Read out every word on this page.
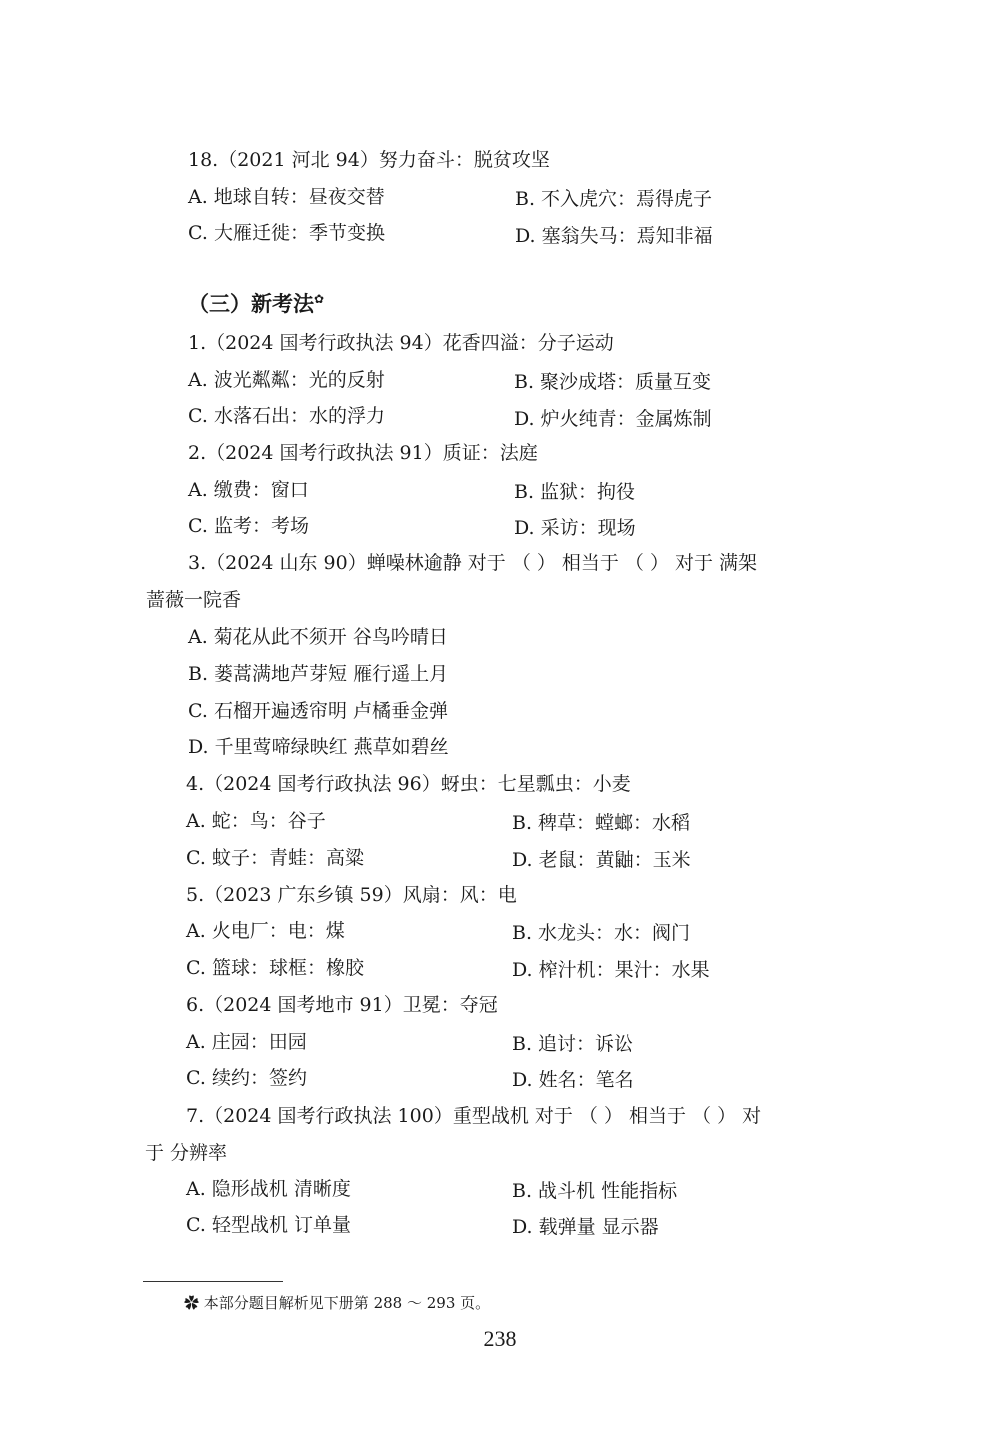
18.（2021 河北 94）努力奋斗：脱贫攻坚
A. 地球自转：昼夜交替	B. 不入虎穴：焉得虎子
C. 大雁迁徙：季节变换	D. 塞翁失马：焉知非福
（三）新考法✿
1.（2024 国考行政执法 94）花香四溢：分子运动
A. 波光粼粼：光的反射	B. 聚沙成塔：质量互变
C. 水落石出：水的浮力	D. 炉火纯青：金属炼制
2.（2024 国考行政执法 91）质证：法庭
A. 缴费：窗口	B. 监狱：拘役
C. 监考：考场	D. 采访：现场
3.（2024 山东 90）蝉噪林逾静 对于 （ ） 相当于 （ ） 对于 满架
蔷薇一院香
A. 菊花从此不须开 谷鸟吟晴日
B. 蒌蒿满地芦芽短 雁行遥上月
C. 石榴开遍透帘明 卢橘垂金弹
D. 千里莺啼绿映红 燕草如碧丝
4.（2024 国考行政执法 96）蚜虫：七星瓢虫：小麦
A. 蛇：鸟：谷子	B. 稗草：螳螂：水稻
C. 蚊子：青蛙：高粱	D. 老鼠：黄鼬：玉米
5.（2023 广东乡镇 59）风扇：风：电
A. 火电厂：电：煤	B. 水龙头：水：阀门
C. 篮球：球框：橡胶	D. 榨汁机：果汁：水果
6.（2024 国考地市 91）卫冕：夺冠
A. 庄园：田园	B. 追讨：诉讼
C. 续约：签约	D. 姓名：笔名
7.（2024 国考行政执法 100）重型战机 对于 （ ） 相当于 （ ） 对
于 分辨率
A. 隐形战机 清晰度	B. 战斗机 性能指标
C. 轻型战机 订单量	D. 载弹量 显示器
✿ 本部分题目解析见下册第 288 ～ 293 页。
238
